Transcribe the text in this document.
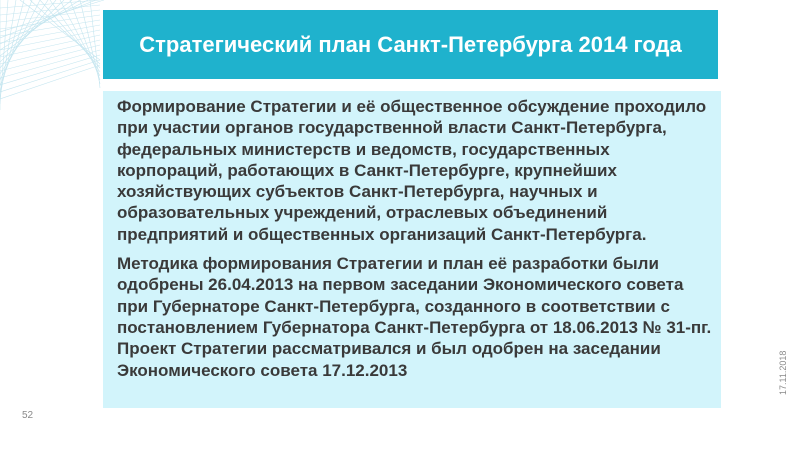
Стратегический план Санкт-Петербурга 2014 года

Формирование Стратегии и её общественное обсуждение проходило при участии органов государственной власти Санкт-Петербурга, федеральных министерств и ведомств, государственных корпораций, работающих в Санкт-Петербурге, крупнейших хозяйствующих субъектов Санкт-Петербурга, научных и образовательных учреждений, отраслевых объединений предприятий и общественных организаций Санкт-Петербурга.

Методика формирования Стратегии и план её разработки были одобрены 26.04.2013 на первом заседании Экономического совета при Губернаторе Санкт-Петербурга, созданного в соответствии с постановлением Губернатора Санкт-Петербурга от 18.06.2013 № 31-пг. Проект Стратегии рассматривался и был одобрен на заседании Экономического совета 17.12.2013

52
17.11.2018
